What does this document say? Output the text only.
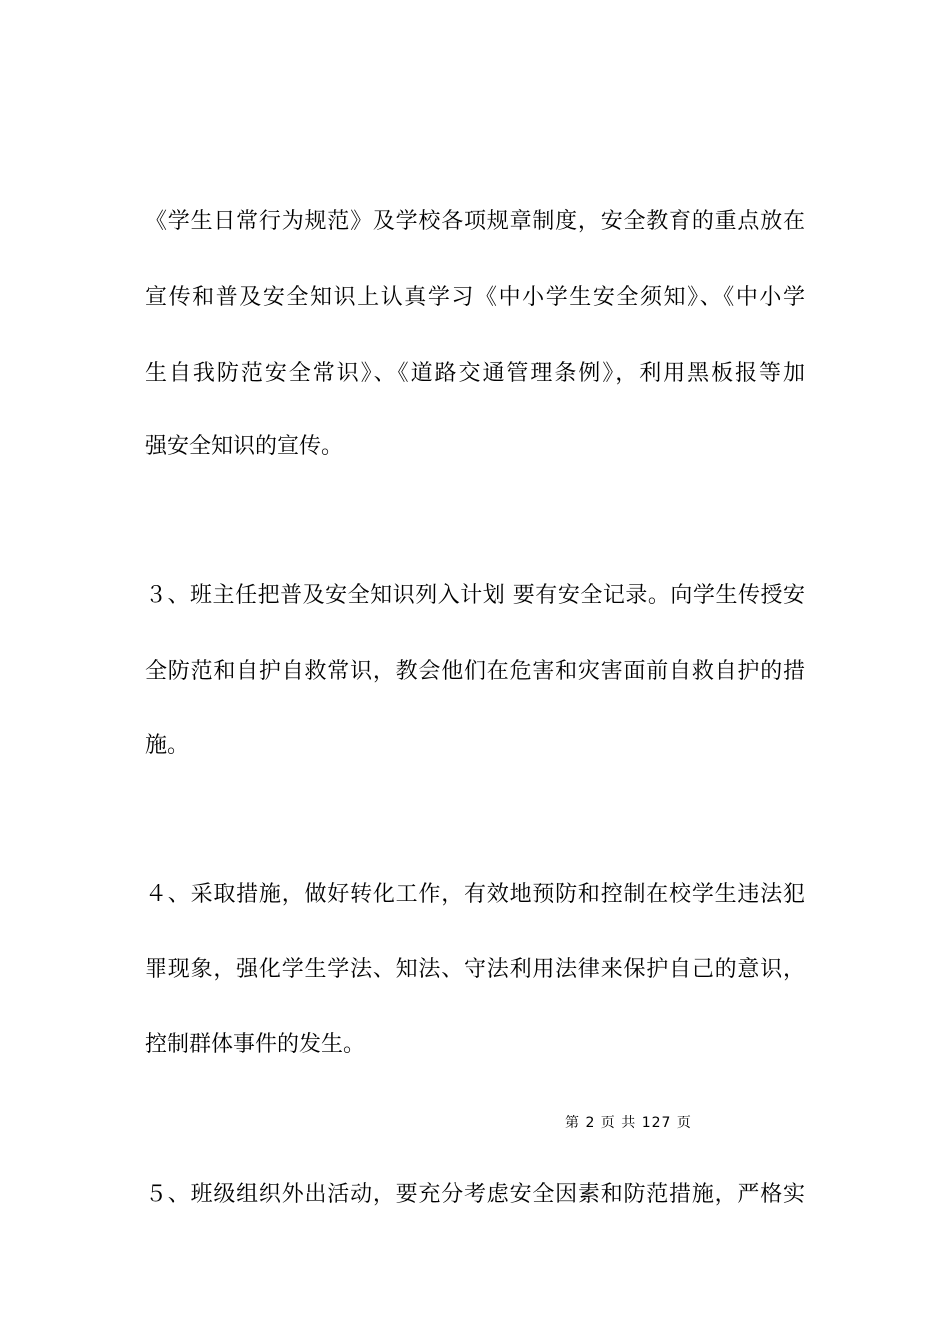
《学生日常行为规范》及学校各项规章制度，安全教育的重点放在
宣传和普及安全知识上认真学习《中小学生安全须知》、《中小学
生自我防范安全常识》、《道路交通管理条例》，利用黑板报等加
强安全知识的宣传。
３、班主任把普及安全知识列入计划 要有安全记录。向学生传授安
全防范和自护自救常识，教会他们在危害和灾害面前自救自护的措
施。
４、采取措施，做好转化工作，有效地预防和控制在校学生违法犯
罪现象，强化学生学法、知法、守法利用法律来保护自己的意识，
控制群体事件的发生。
第 2 页 共 127 页
５、班级组织外出活动，要充分考虑安全因素和防范措施，严格实
